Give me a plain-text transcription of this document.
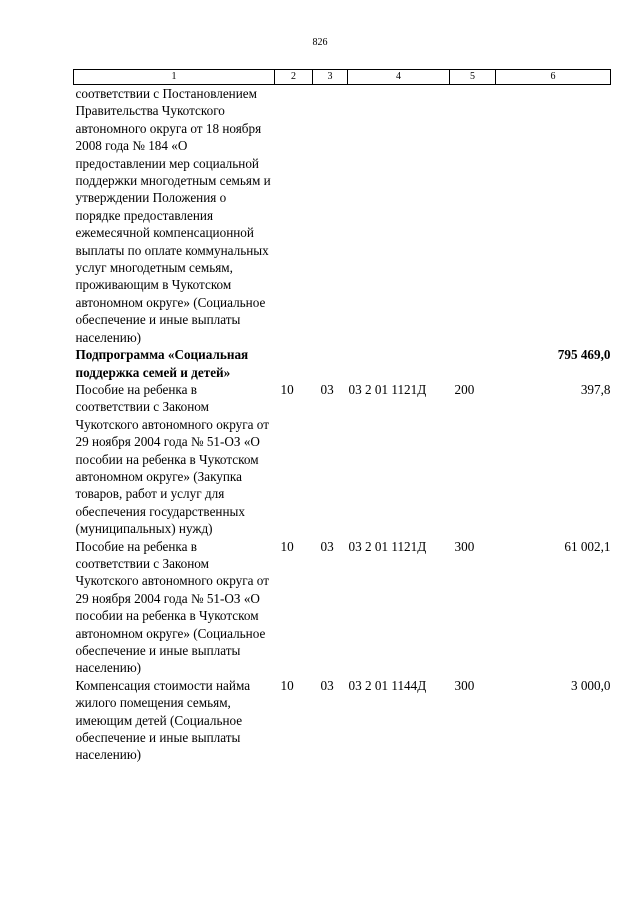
826
1	2	3	4	5	6
соответствии с Постановлением Правительства Чукотского автономного округа от 18 ноября 2008 года № 184 «О предоставлении мер социальной поддержки многодетным семьям и утверждении Положения о порядке предоставления ежемесячной компенсационной выплаты по оплате коммунальных услуг многодетным семьям, проживающим в Чукотском автономном округе» (Социальное обеспечение и иные выплаты населению)					
Подпрограмма «Социальная поддержка семей и детей»					795 469,0
Пособие на ребенка в соответствии с Законом Чукотского автономного округа от 29 ноября 2004 года № 51-ОЗ «О пособии на ребенка в Чукотском автономном округе» (Закупка товаров, работ и услуг для обеспечения государственных (муниципальных) нужд)	10	03	03 2 01 1121Д	200	397,8
Пособие на ребенка в соответствии с Законом Чукотского автономного округа от 29 ноября 2004 года № 51-ОЗ «О пособии на ребенка в Чукотском автономном округе» (Социальное обеспечение и иные выплаты населению)	10	03	03 2 01 1121Д	300	61 002,1
Компенсация стоимости найма жилого помещения семьям, имеющим детей (Социальное обеспечение и иные выплаты населению)	10	03	03 2 01 1144Д	300	3 000,0
